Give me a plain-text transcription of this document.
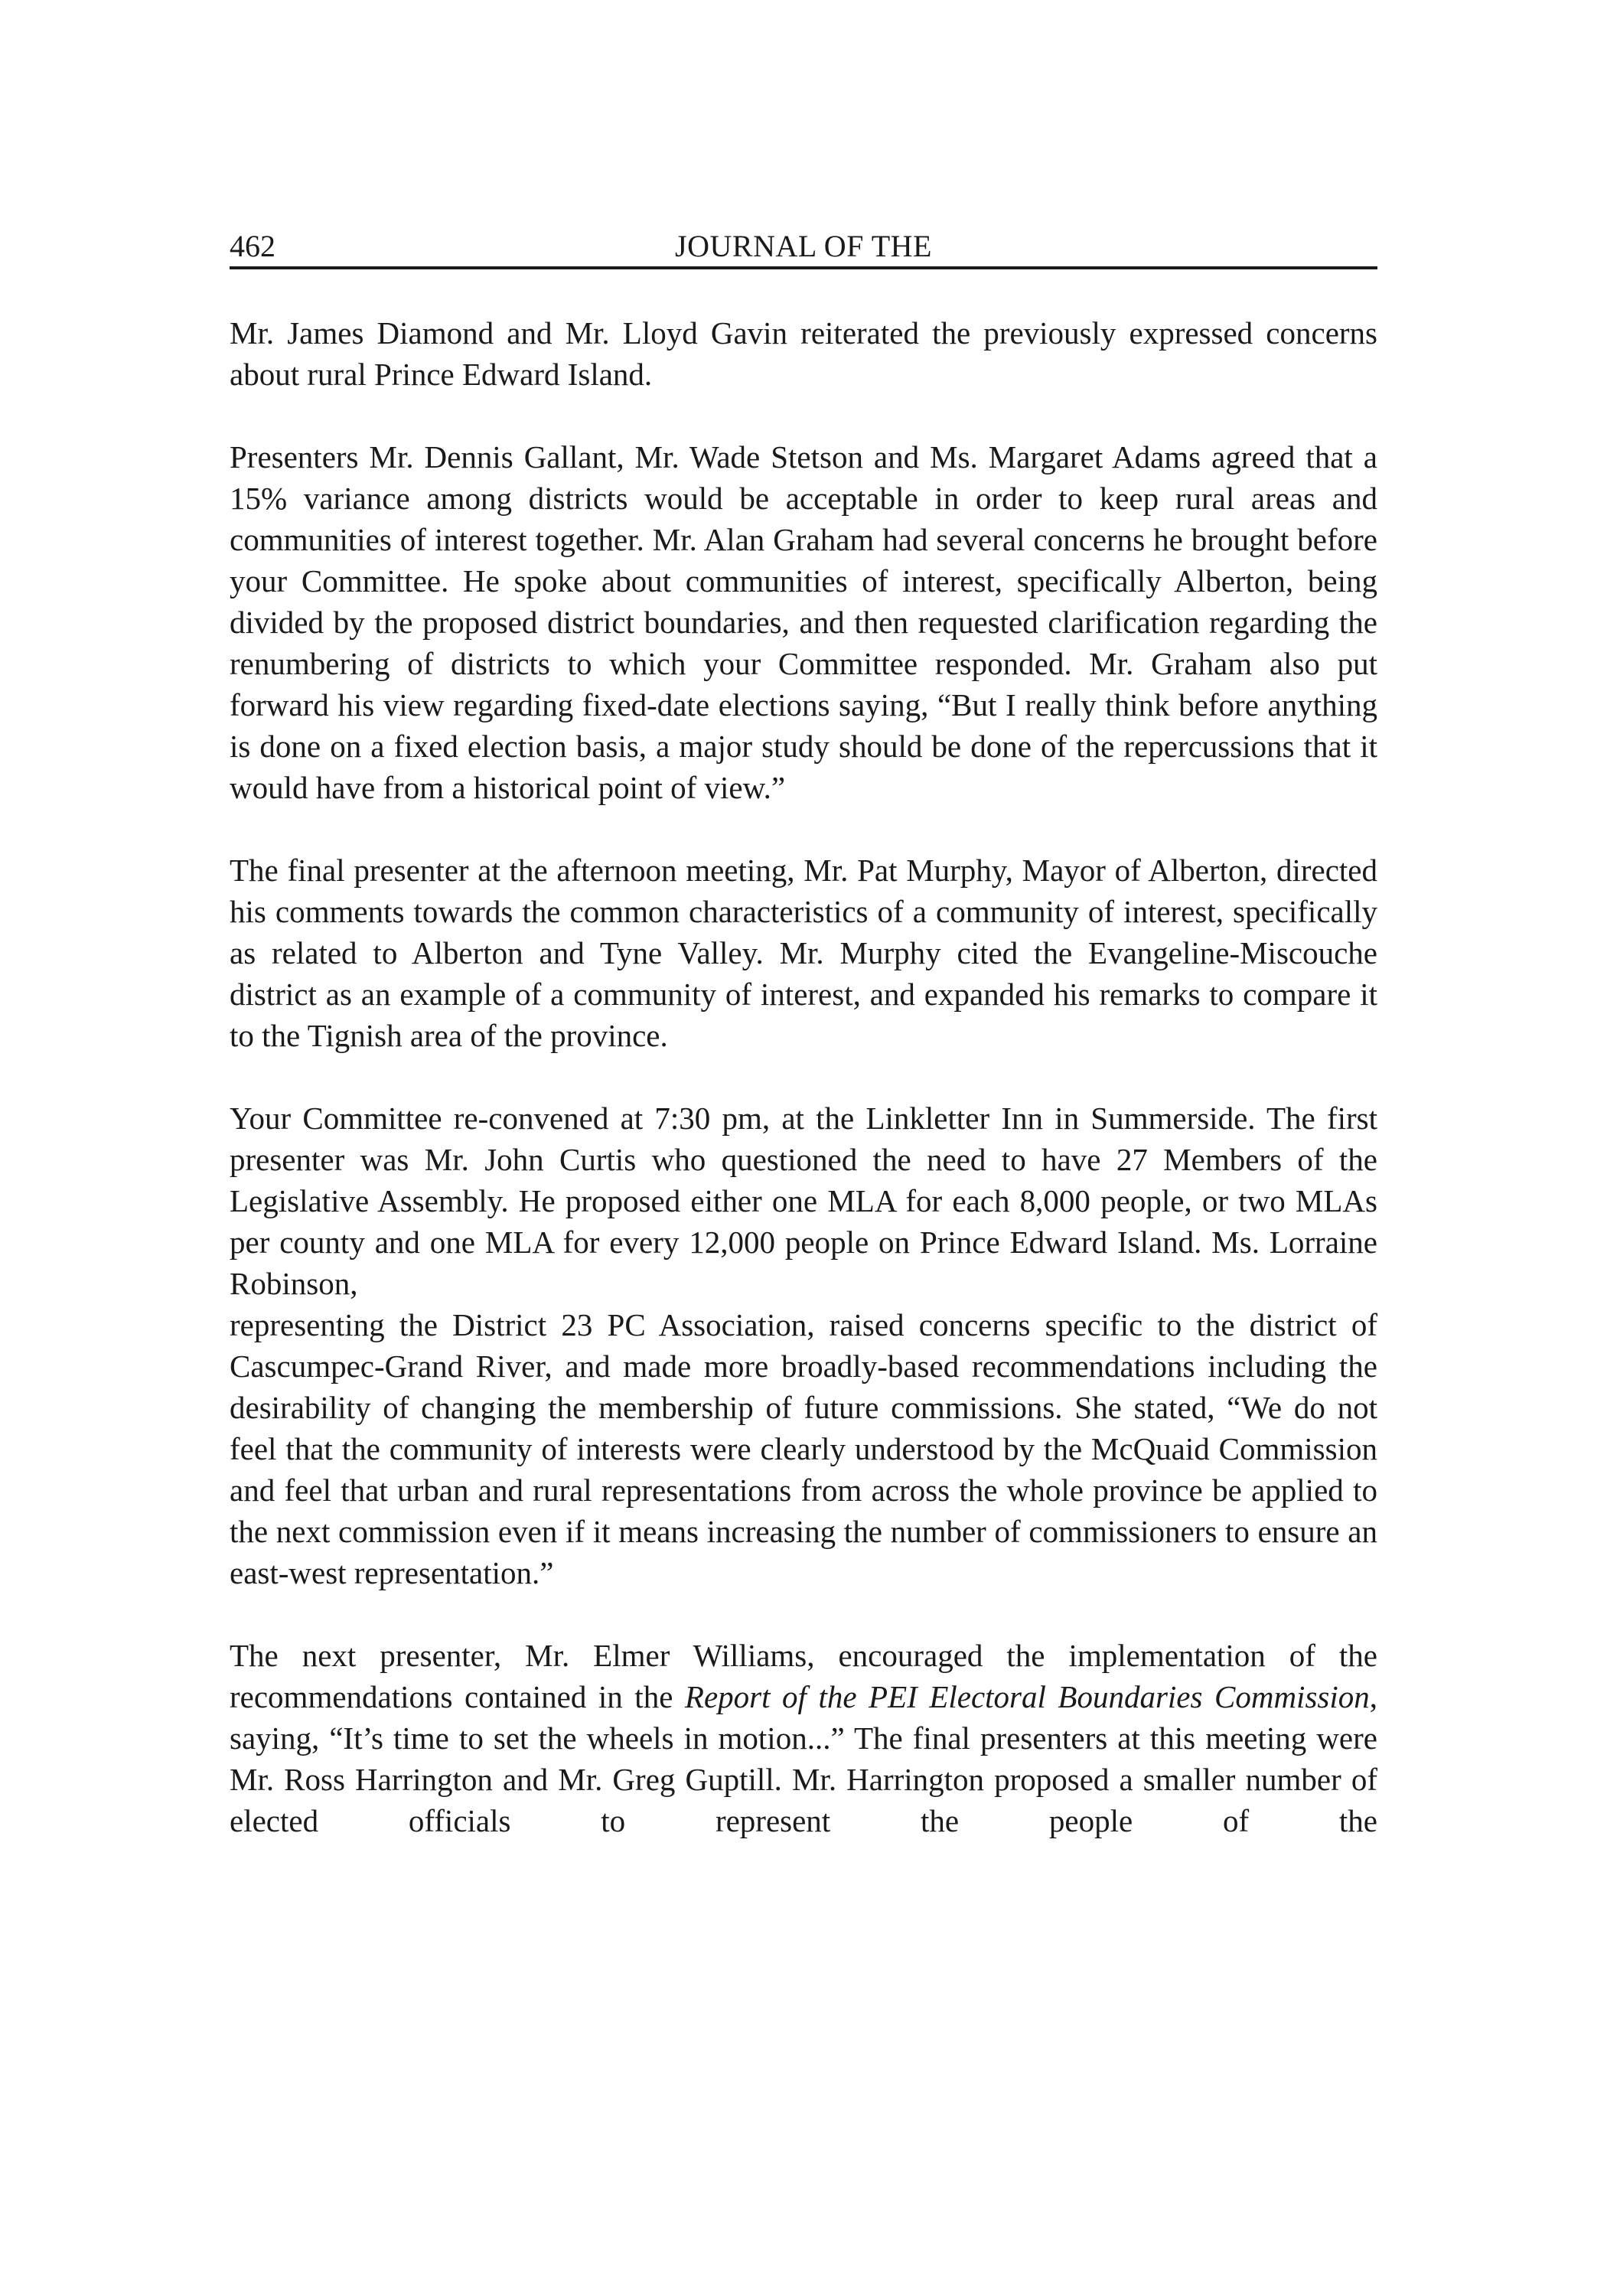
462	JOURNAL OF THE

Mr. James Diamond and Mr. Lloyd Gavin reiterated the previously expressed concerns about rural Prince Edward Island.

Presenters Mr. Dennis Gallant, Mr. Wade Stetson and Ms. Margaret Adams agreed that a 15% variance among districts would be acceptable in order to keep rural areas and communities of interest together. Mr. Alan Graham had several concerns he brought before your Committee. He spoke about communities of interest, specifically Alberton, being divided by the proposed district boundaries, and then requested clarification regarding the renumbering of districts to which your Committee responded. Mr. Graham also put forward his view regarding fixed-date elections saying, “But I really think before anything is done on a fixed election basis, a major study should be done of the repercussions that it would have from a historical point of view.”

The final presenter at the afternoon meeting, Mr. Pat Murphy, Mayor of Alberton, directed his comments towards the common characteristics of a community of interest, specifically as related to Alberton and Tyne Valley. Mr. Murphy cited the Evangeline-Miscouche district as an example of a community of interest, and expanded his remarks to compare it to the Tignish area of the province.

Your Committee re-convened at 7:30 pm, at the Linkletter Inn in Summerside. The first presenter was Mr. John Curtis who questioned the need to have 27 Members of the Legislative Assembly. He proposed either one MLA for each 8,000 people, or two MLAs per county and one MLA for every 12,000 people on Prince Edward Island. Ms. Lorraine Robinson,

representing the District 23 PC Association, raised concerns specific to the district of Cascumpec-Grand River, and made more broadly-based recommendations including the desirability of changing the membership of future commissions. She stated, “We do not feel that the community of interests were clearly understood by the McQuaid Commission and feel that urban and rural representations from across the whole province be applied to the next commission even if it means increasing the number of commissioners to ensure an east-west representation.”

The next presenter, Mr. Elmer Williams, encouraged the implementation of the recommendations contained in the Report of the PEI Electoral Boundaries Commission, saying, “It’s time to set the wheels in motion...” The final presenters at this meeting were Mr. Ross Harrington and Mr. Greg Guptill. Mr. Harrington proposed a smaller number of elected officials to represent the people of the
